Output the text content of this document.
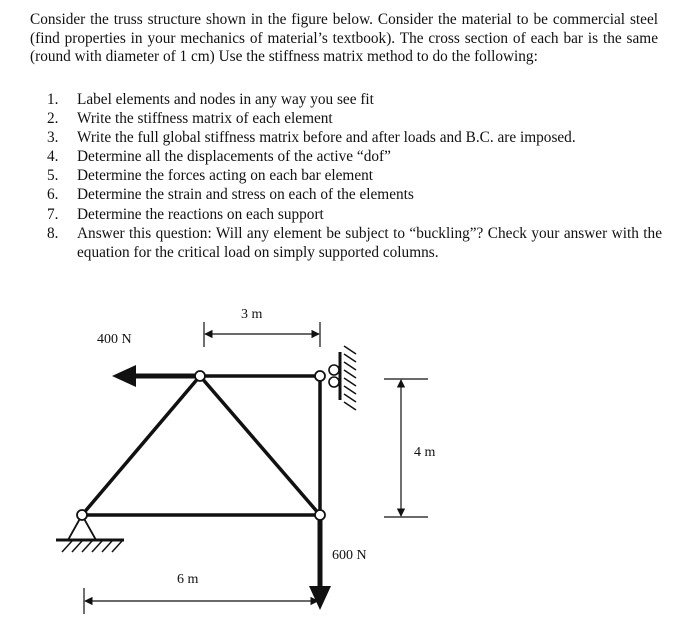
Consider the truss structure shown in the figure below. Consider the material to be commercial steel (find properties in your mechanics of material’s textbook). The cross section of each bar is the same (round with diameter of 1 cm) Use the stiffness matrix method to do the following:

1.	Label elements and nodes in any way you see fit
2.	Write the stiffness matrix of each element
3.	Write the full global stiffness matrix before and after loads and B.C. are imposed.
4.	Determine all the displacements of the active “dof”
5.	Determine the forces acting on each bar element
6.	Determine the strain and stress on each of the elements
7.	Determine the reactions on each support
8.	Answer this question: Will any element be subject to “buckling”? Check your answer with the equation for the critical load on simply supported columns.
3 m
4 m
6 m
400 N
600 N
